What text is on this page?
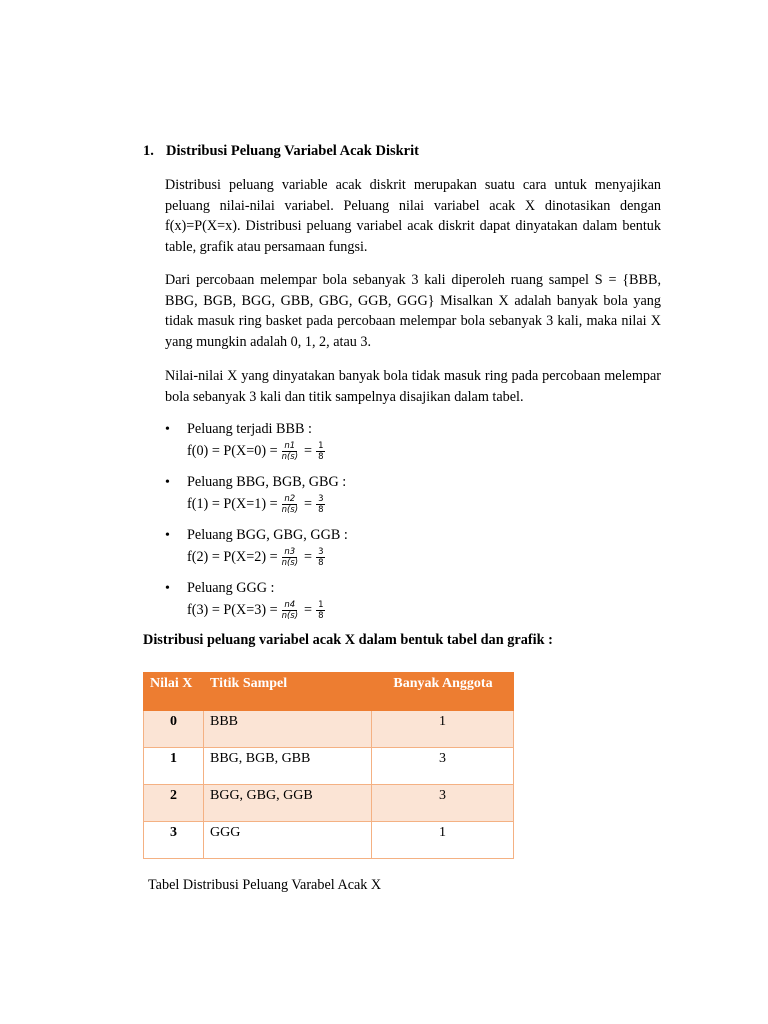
1. Distribusi Peluang Variabel Acak Diskrit
Distribusi peluang variable acak diskrit merupakan suatu cara untuk menyajikan peluang nilai-nilai variabel. Peluang nilai variabel acak X dinotasikan dengan f(x)=P(X=x). Distribusi peluang variabel acak diskrit dapat dinyatakan dalam bentuk table, grafik atau persamaan fungsi.
Dari percobaan melempar bola sebanyak 3 kali diperoleh ruang sampel S = {BBB, BBG, BGB, BGG, GBB, GBG, GGB, GGG} Misalkan X adalah banyak bola yang tidak masuk ring basket pada percobaan melempar bola sebanyak 3 kali, maka nilai X yang mungkin adalah 0, 1, 2, atau 3.
Nilai-nilai X yang dinyatakan banyak bola tidak masuk ring pada percobaan melempar bola sebanyak 3 kali dan titik sampelnya disajikan dalam tabel.
• Peluang terjadi BBB :
$f(0) = P(X=0) = \frac{n1}{n(s)} = \frac{1}{8}$
• Peluang BBG, BGB, GBG :
$f(1) = P(X=1) = \frac{n2}{n(s)} = \frac{3}{8}$
• Peluang BGG, GBG, GGB :
$f(2) = P(X=2) = \frac{n3}{n(s)} = \frac{3}{8}$
• Peluang GGG :
$f(3) = P(X=3) = \frac{n4}{n(s)} = \frac{1}{8}$
Distribusi peluang variabel acak X dalam bentuk tabel dan grafik :
Nilai X	Titik Sampel	Banyak Anggota
0	BBB	1
1	BBG, BGB, GBB	3
2	BGG, GBG, GGB	3
3	GGG	1
Tabel Distribusi Peluang Varabel Acak X
